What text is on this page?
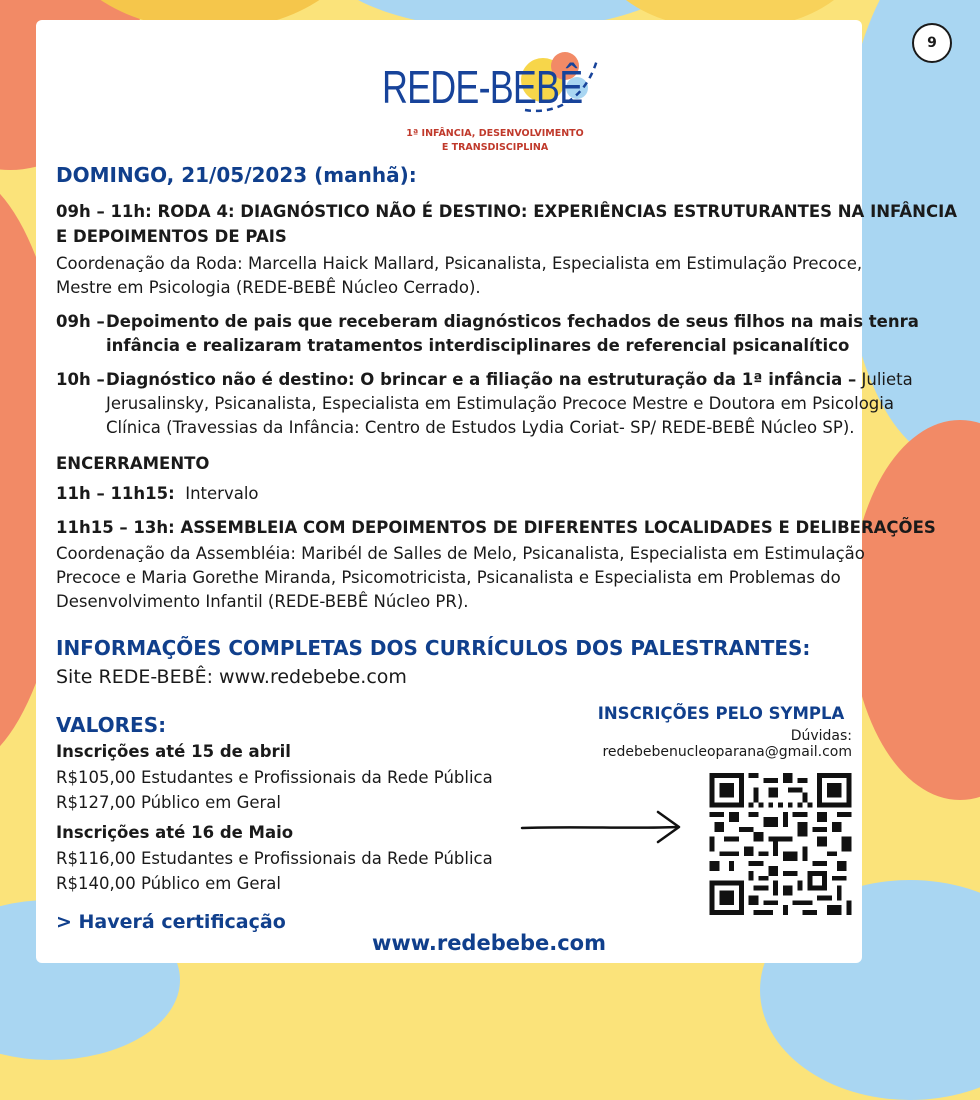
9
REDE-BEBÊ
1ª INFÂNCIA, DESENVOLVIMENTO
E TRANSDISCIPLINA
DOMINGO, 21/05/2023 (manhã):
09h – 11h: RODA 4: DIAGNÓSTICO NÃO É DESTINO: EXPERIÊNCIAS ESTRUTURANTES NA INFÂNCIA
E DEPOIMENTOS DE PAIS
Coordenação da Roda: Marcella Haick Mallard, Psicanalista, Especialista em Estimulação Precoce,
Mestre em Psicologia (REDE-BEBÊ Núcleo Cerrado).
09h – Depoimento de pais que receberam diagnósticos fechados de seus filhos na mais tenra
infância e realizaram tratamentos interdisciplinares de referencial psicanalítico
10h – Diagnóstico não é destino: O brincar e a filiação na estruturação da 1ª infância – Julieta
Jerusalinsky, Psicanalista, Especialista em Estimulação Precoce Mestre e Doutora em Psicologia
Clínica (Travessias da Infância: Centro de Estudos Lydia Coriat- SP/ REDE-BEBÊ Núcleo SP).
ENCERRAMENTO
11h – 11h15: Intervalo
11h15 – 13h: ASSEMBLEIA COM DEPOIMENTOS DE DIFERENTES LOCALIDADES E DELIBERAÇÕES
Coordenação da Assembléia: Maribél de Salles de Melo, Psicanalista, Especialista em Estimulação
Precoce e Maria Gorethe Miranda, Psicomotricista, Psicanalista e Especialista em Problemas do
Desenvolvimento Infantil (REDE-BEBÊ Núcleo PR).
INFORMAÇÕES COMPLETAS DOS CURRÍCULOS DOS PALESTRANTES:
Site REDE-BEBÊ: www.redebebe.com
VALORES:
Inscrições até 15 de abril
R$105,00 Estudantes e Profissionais da Rede Pública
R$127,00 Público em Geral
Inscrições até 16 de Maio
R$116,00 Estudantes e Profissionais da Rede Pública
R$140,00 Público em Geral
> Haverá certificação
INSCRIÇÕES PELO SYMPLA
Dúvidas:
redebebenucleoparana@gmail.com
www.redebebe.com
